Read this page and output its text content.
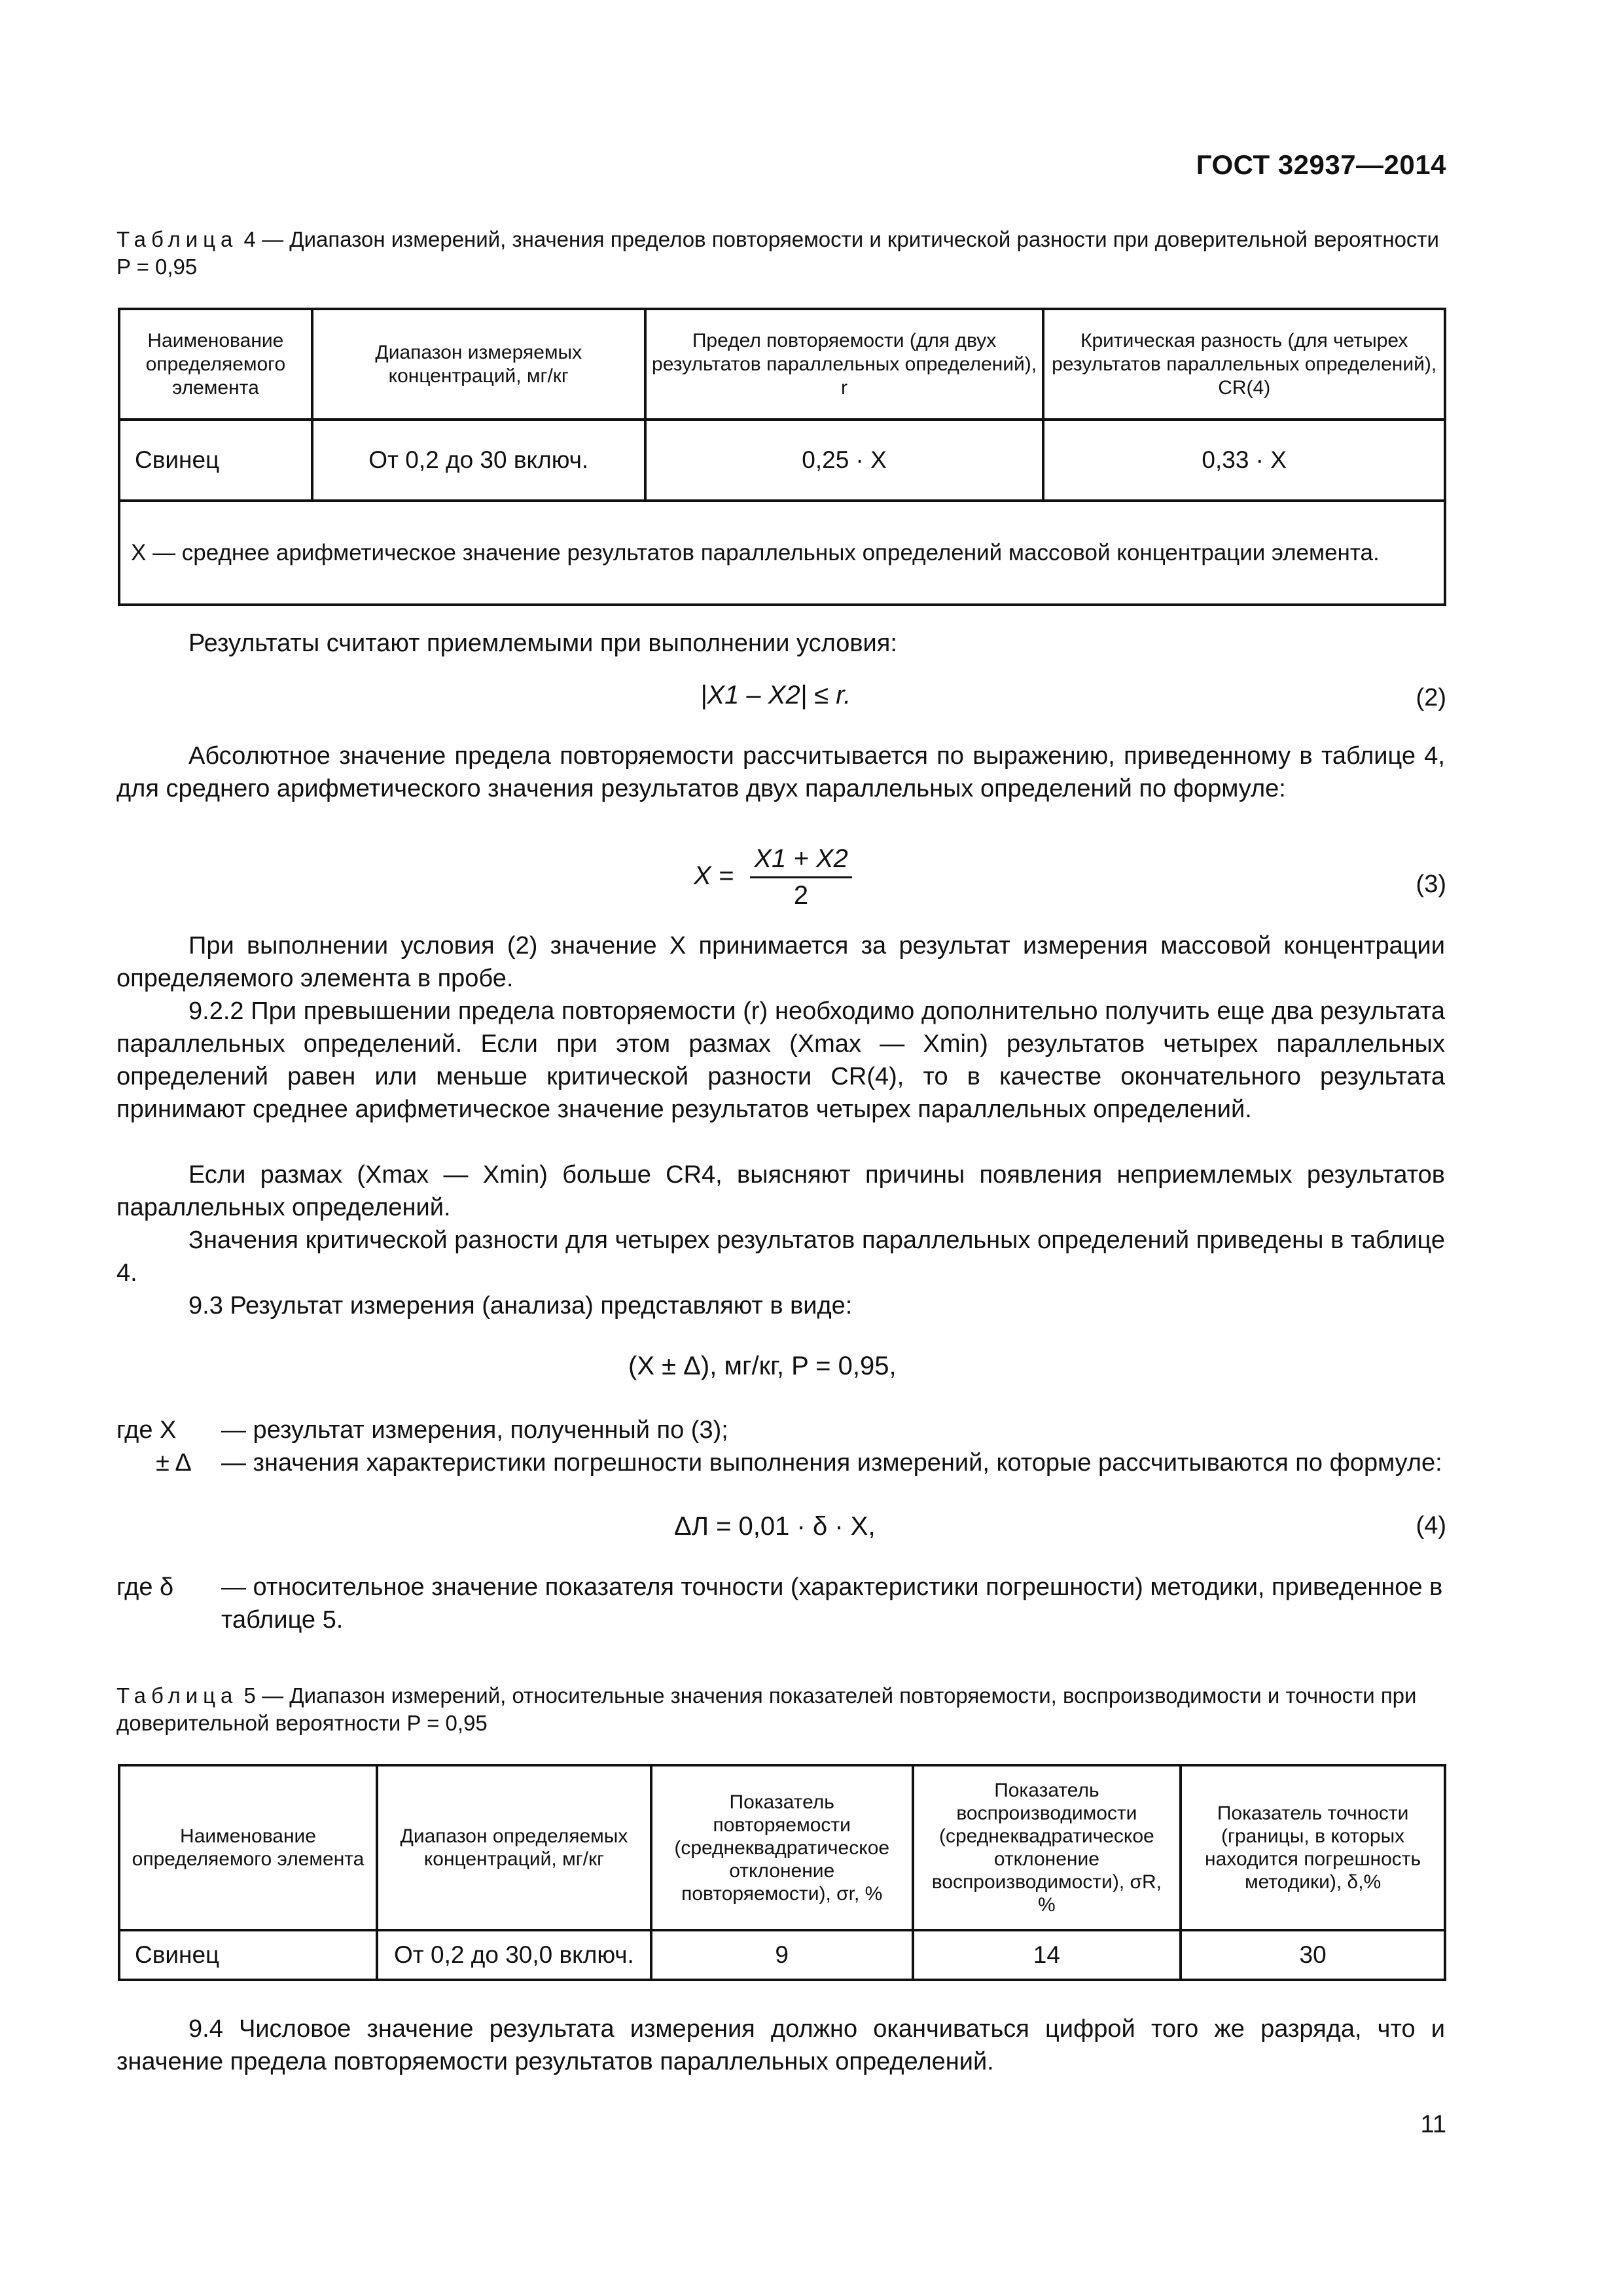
ГОСТ 32937—2014
Таблица 4 — Диапазон измерений, значения пределов повторяемости и критической разности при доверительной вероятности P = 0,95
Наименование определяемого элемента	Диапазон измеряемых концентраций, мг/кг	Предел повторяемости (для двух результатов параллельных определений), r	Критическая разность (для четырех результатов параллельных определений), CR(4)
Свинец	От 0,2 до 30 включ.	0,25 · X	0,33 · X
X — среднее арифметическое значение результатов параллельных определений массовой концентрации элемента.			
Результаты считают приемлемыми при выполнении условия:
|X1 – X2| ≤ r.	(2)
Абсолютное значение предела повторяемости рассчитывается по выражению, приведенному в таблице 4, для среднего арифметического значения результатов двух параллельных определений по формуле:
$X = \frac{X1 + X2}{2}$	(3)
При выполнении условия (2) значение X принимается за результат измерения массовой концентрации определяемого элемента в пробе.
9.2.2 При превышении предела повторяемости (r) необходимо дополнительно получить еще два результата параллельных определений. Если при этом размах (Xmax — Xmin) результатов четырех параллельных определений равен или меньше критической разности CR(4), то в качестве окончательного результата принимают среднее арифметическое значение результатов четырех параллельных определений.
Если размах (Xmax — Xmin) больше CR4, выясняют причины появления неприемлемых результатов параллельных определений.
Значения критической разности для четырех результатов параллельных определений приведены в таблице 4.
9.3 Результат измерения (анализа) представляют в виде:
(X ± Δ), мг/кг, P = 0,95,
где X — результат измерения, полученный по (3);
± Δ	— значения характеристики погрешности выполнения измерений, которые рассчитываются по формуле:
ΔЛ = 0,01 · δ · X,	(4)
где δ	— относительное значение показателя точности (характеристики погрешности) методики, приведенное в таблице 5.
Таблица 5 — Диапазон измерений, относительные значения показателей повторяемости, воспроизводимости и точности при доверительной вероятности P = 0,95
Наименование определяемого элемента	Диапазон определяемых концентраций, мг/кг	Показатель повторяемости (среднеквадратическое отклонение повторяемости), σr, %	Показатель воспроизводимости (среднеквадратическое отклонение воспроизводимости), σR, %	Показатель точности (границы, в которых находится погрешность методики), δ,%
Свинец	От 0,2 до 30,0 включ.	9	14	30
9.4 Числовое значение результата измерения должно оканчиваться цифрой того же разряда, что и значение предела повторяемости результатов параллельных определений.
11
